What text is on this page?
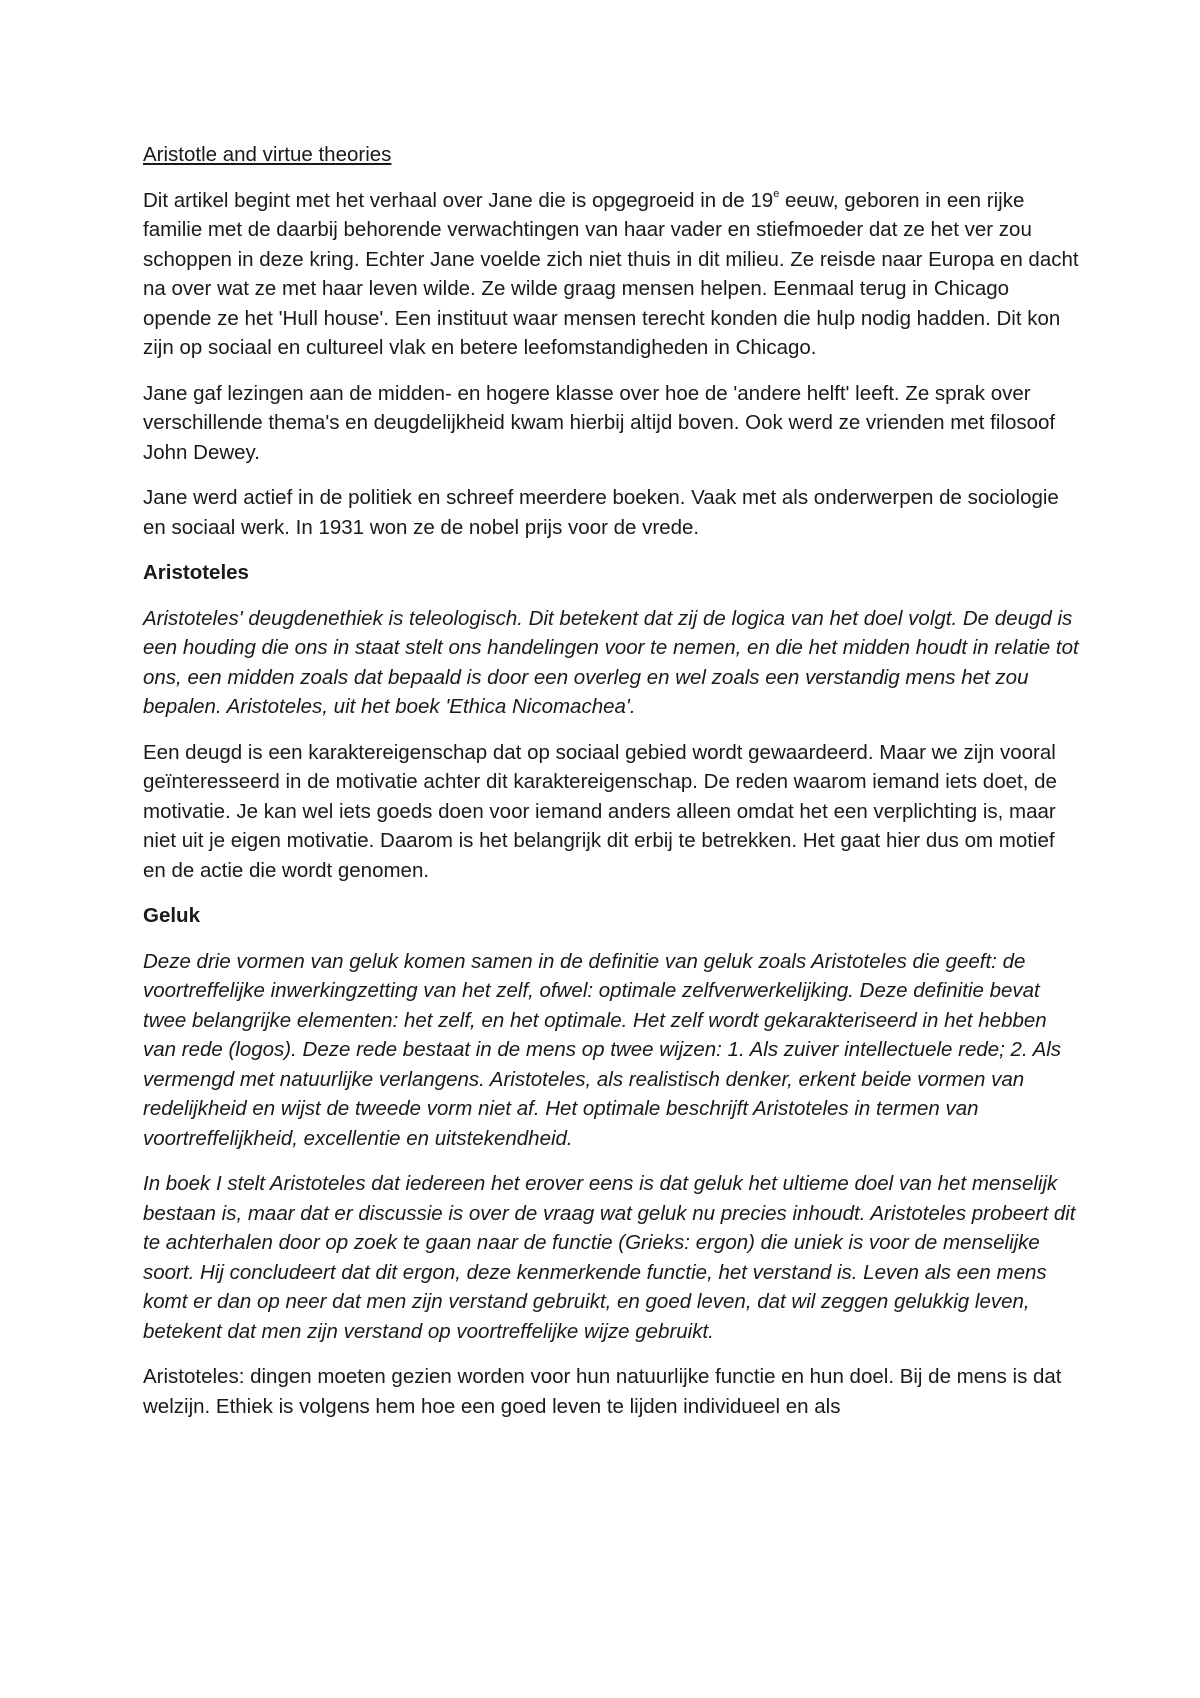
Aristotle and virtue theories

Dit artikel begint met het verhaal over Jane die is opgegroeid in de 19e eeuw, geboren in een rijke familie met de daarbij behorende verwachtingen van haar vader en stiefmoeder dat ze het ver zou schoppen in deze kring. Echter Jane voelde zich niet thuis in dit milieu. Ze reisde naar Europa en dacht na over wat ze met haar leven wilde. Ze wilde graag mensen helpen. Eenmaal terug in Chicago opende ze het 'Hull house'. Een instituut waar mensen terecht konden die hulp nodig hadden. Dit kon zijn op sociaal en cultureel vlak en betere leefomstandigheden in Chicago.

Jane gaf lezingen aan de midden- en hogere klasse over hoe de 'andere helft' leeft. Ze sprak over verschillende thema's en deugdelijkheid kwam hierbij altijd boven. Ook werd ze vrienden met filosoof John Dewey.

Jane werd actief in de politiek en schreef meerdere boeken. Vaak met als onderwerpen de sociologie en sociaal werk. In 1931 won ze de nobel prijs voor de vrede.

Aristoteles

Aristoteles' deugdenethiek is teleologisch. Dit betekent dat zij de logica van het doel volgt. De deugd is een houding die ons in staat stelt ons handelingen voor te nemen, en die het midden houdt in relatie tot ons, een midden zoals dat bepaald is door een overleg en wel zoals een verstandig mens het zou bepalen. Aristoteles, uit het boek 'Ethica Nicomachea'.

Een deugd is een karaktereigenschap dat op sociaal gebied wordt gewaardeerd. Maar we zijn vooral geïnteresseerd in de motivatie achter dit karaktereigenschap. De reden waarom iemand iets doet, de motivatie. Je kan wel iets goeds doen voor iemand anders alleen omdat het een verplichting is, maar niet uit je eigen motivatie. Daarom is het belangrijk dit erbij te betrekken. Het gaat hier dus om motief en de actie die wordt genomen.

Geluk

Deze drie vormen van geluk komen samen in de definitie van geluk zoals Aristoteles die geeft: de voortreffelijke inwerkingzetting van het zelf, ofwel: optimale zelfverwerkelijking. Deze definitie bevat twee belangrijke elementen: het zelf, en het optimale. Het zelf wordt gekarakteriseerd in het hebben van rede (logos). Deze rede bestaat in de mens op twee wijzen: 1. Als zuiver intellectuele rede; 2. Als vermengd met natuurlijke verlangens. Aristoteles, als realistisch denker, erkent beide vormen van redelijkheid en wijst de tweede vorm niet af. Het optimale beschrijft Aristoteles in termen van voortreffelijkheid, excellentie en uitstekendheid.

In boek I stelt Aristoteles dat iedereen het erover eens is dat geluk het ultieme doel van het menselijk bestaan is, maar dat er discussie is over de vraag wat geluk nu precies inhoudt. Aristoteles probeert dit te achterhalen door op zoek te gaan naar de functie (Grieks: ergon) die uniek is voor de menselijke soort. Hij concludeert dat dit ergon, deze kenmerkende functie, het verstand is. Leven als een mens komt er dan op neer dat men zijn verstand gebruikt, en goed leven, dat wil zeggen gelukkig leven, betekent dat men zijn verstand op voortreffelijke wijze gebruikt.

Aristoteles: dingen moeten gezien worden voor hun natuurlijke functie en hun doel. Bij de mens is dat welzijn. Ethiek is volgens hem hoe een goed leven te lijden individueel en als
